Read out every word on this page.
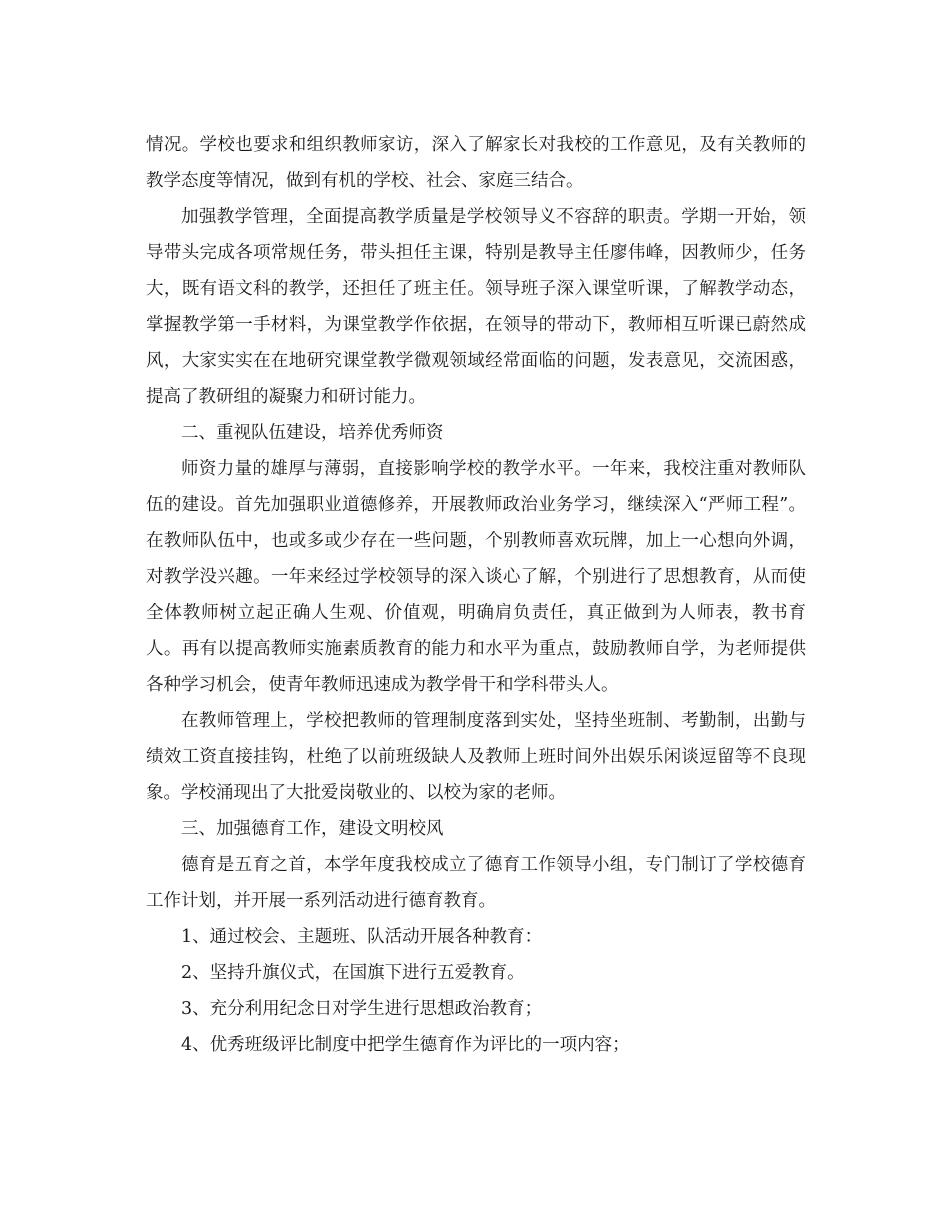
情况。学校也要求和组织教师家访，深入了解家长对我校的工作意见，及有关教师的教学态度等情况，做到有机的学校、社会、家庭三结合。

加强教学管理，全面提高教学质量是学校领导义不容辞的职责。学期一开始，领导带头完成各项常规任务，带头担任主课，特别是教导主任廖伟峰，因教师少，任务大，既有语文科的教学，还担任了班主任。领导班子深入课堂听课，了解教学动态，掌握教学第一手材料，为课堂教学作依据，在领导的带动下，教师相互听课已蔚然成风，大家实实在在地研究课堂教学微观领域经常面临的问题，发表意见，交流困惑，提高了教研组的凝聚力和研讨能力。

二、重视队伍建设，培养优秀师资

师资力量的雄厚与薄弱，直接影响学校的教学水平。一年来，我校注重对教师队伍的建设。首先加强职业道德修养，开展教师政治业务学习，继续深入“严师工程”。在教师队伍中，也或多或少存在一些问题，个别教师喜欢玩牌，加上一心想向外调，对教学没兴趣。一年来经过学校领导的深入谈心了解，个别进行了思想教育，从而使全体教师树立起正确人生观、价值观，明确肩负责任，真正做到为人师表，教书育人。再有以提高教师实施素质教育的能力和水平为重点，鼓励教师自学，为老师提供各种学习机会，使青年教师迅速成为教学骨干和学科带头人。

在教师管理上，学校把教师的管理制度落到实处，坚持坐班制、考勤制，出勤与绩效工资直接挂钩，杜绝了以前班级缺人及教师上班时间外出娱乐闲谈逗留等不良现象。学校涌现出了大批爱岗敬业的、以校为家的老师。

三、加强德育工作，建设文明校风

德育是五育之首，本学年度我校成立了德育工作领导小组，专门制订了学校德育工作计划，并开展一系列活动进行德育教育。

1、通过校会、主题班、队活动开展各种教育：

2、坚持升旗仪式，在国旗下进行五爱教育。

3、充分利用纪念日对学生进行思想政治教育；

4、优秀班级评比制度中把学生德育作为评比的一项内容；
